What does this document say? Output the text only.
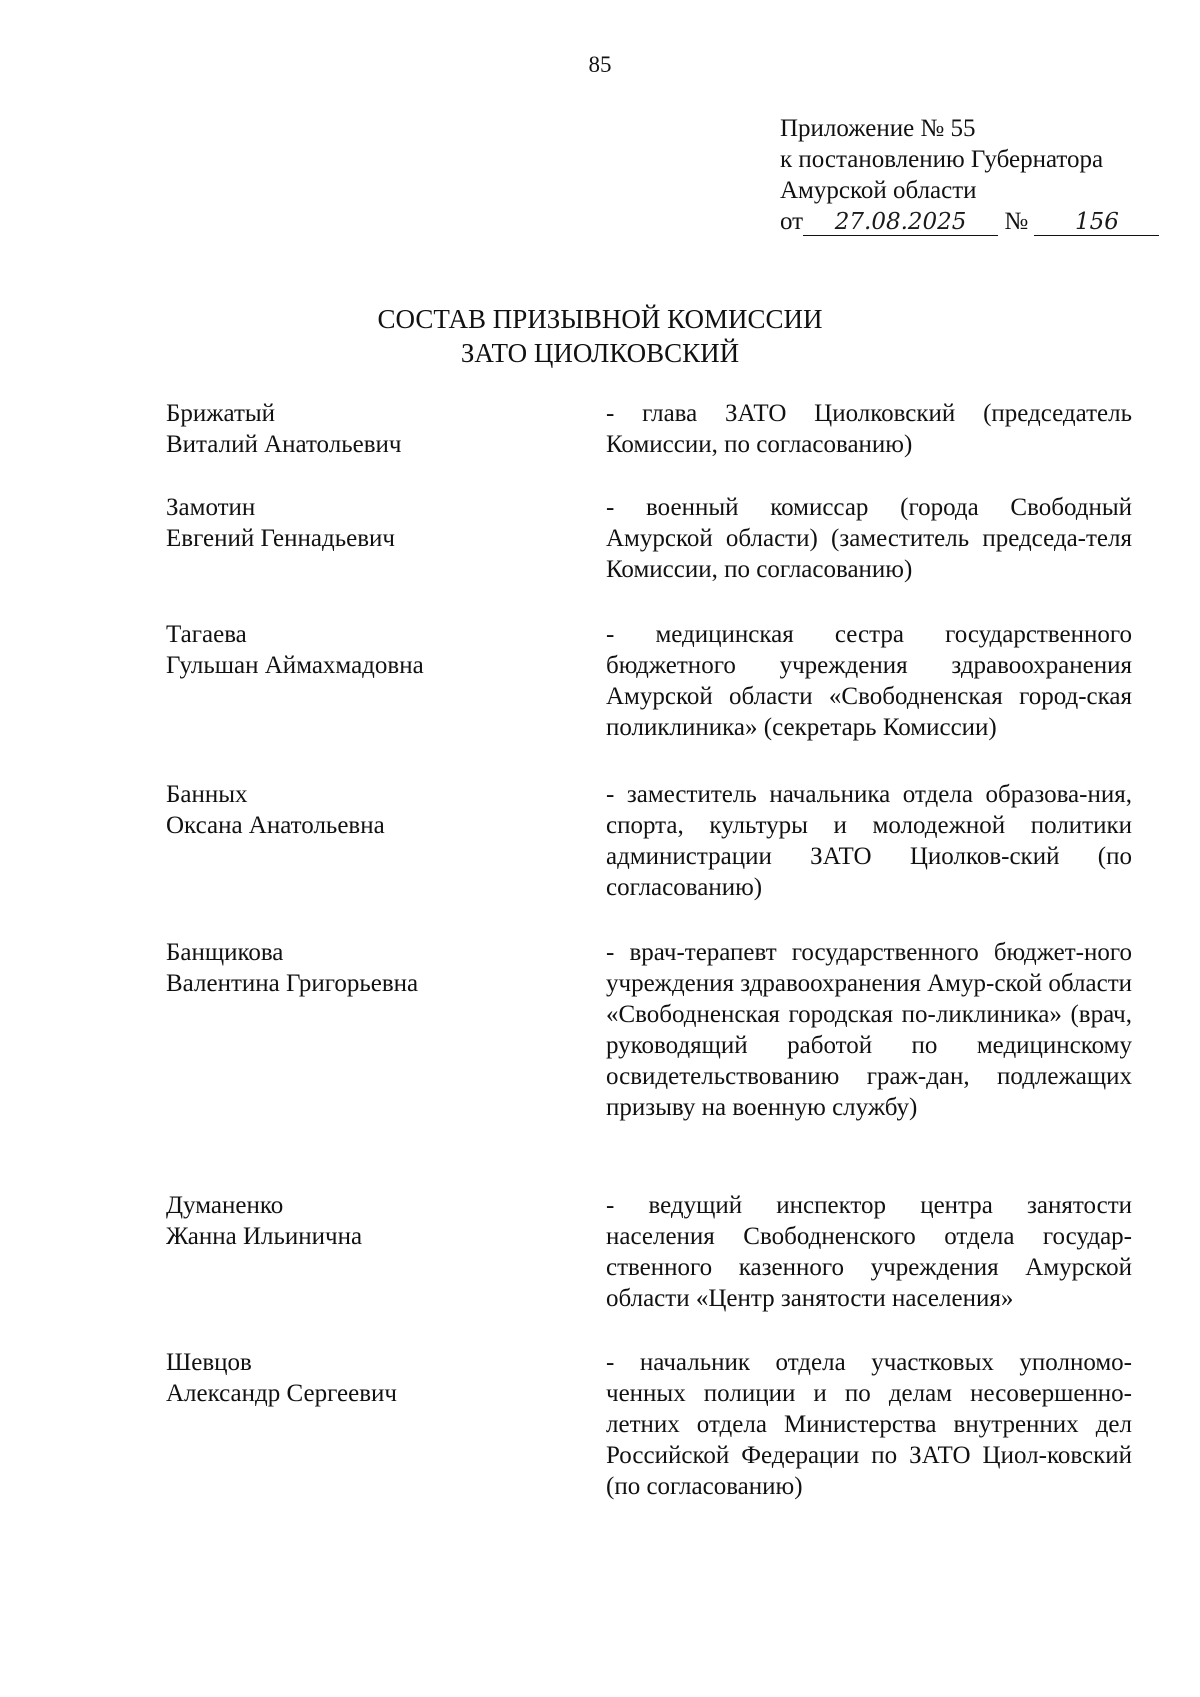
85
Приложение № 55
к постановлению Губернатора
Амурской области
от 27.08.2025 № 156
СОСТАВ ПРИЗЫВНОЙ КОМИССИИ
ЗАТО ЦИОЛКОВСКИЙ
Брижатый
Виталий Анатольевич
- глава ЗАТО Циолковский (председатель Комиссии, по согласованию)
Замотин
Евгений Геннадьевич
- военный комиссар (города Свободный Амурской области) (заместитель председа-теля Комиссии, по согласованию)
Тагаева
Гульшан Аймахмадовна
- медицинская сестра государственного бюджетного учреждения здравоохранения Амурской области «Свободненская город-ская поликлиника» (секретарь Комиссии)
Банных
Оксана Анатольевна
- заместитель начальника отдела образова-ния, спорта, культуры и молодежной политики администрации ЗАТО Циолков-ский (по согласованию)
Банщикова
Валентина Григорьевна
- врач-терапевт государственного бюджет-ного учреждения здравоохранения Амур-ской области «Свободненская городская по-ликлиника» (врач, руководящий работой по медицинскому освидетельствованию граж-дан, подлежащих призыву на военную службу)
Думаненко
Жанна Ильинична
- ведущий инспектор центра занятости населения Свободненского отдела государ-ственного казенного учреждения Амурской области «Центр занятости населения»
Шевцов
Александр Сергеевич
- начальник отдела участковых уполномо-ченных полиции и по делам несовершенно-летних отдела Министерства внутренних дел Российской Федерации по ЗАТО Циол-ковский (по согласованию)
